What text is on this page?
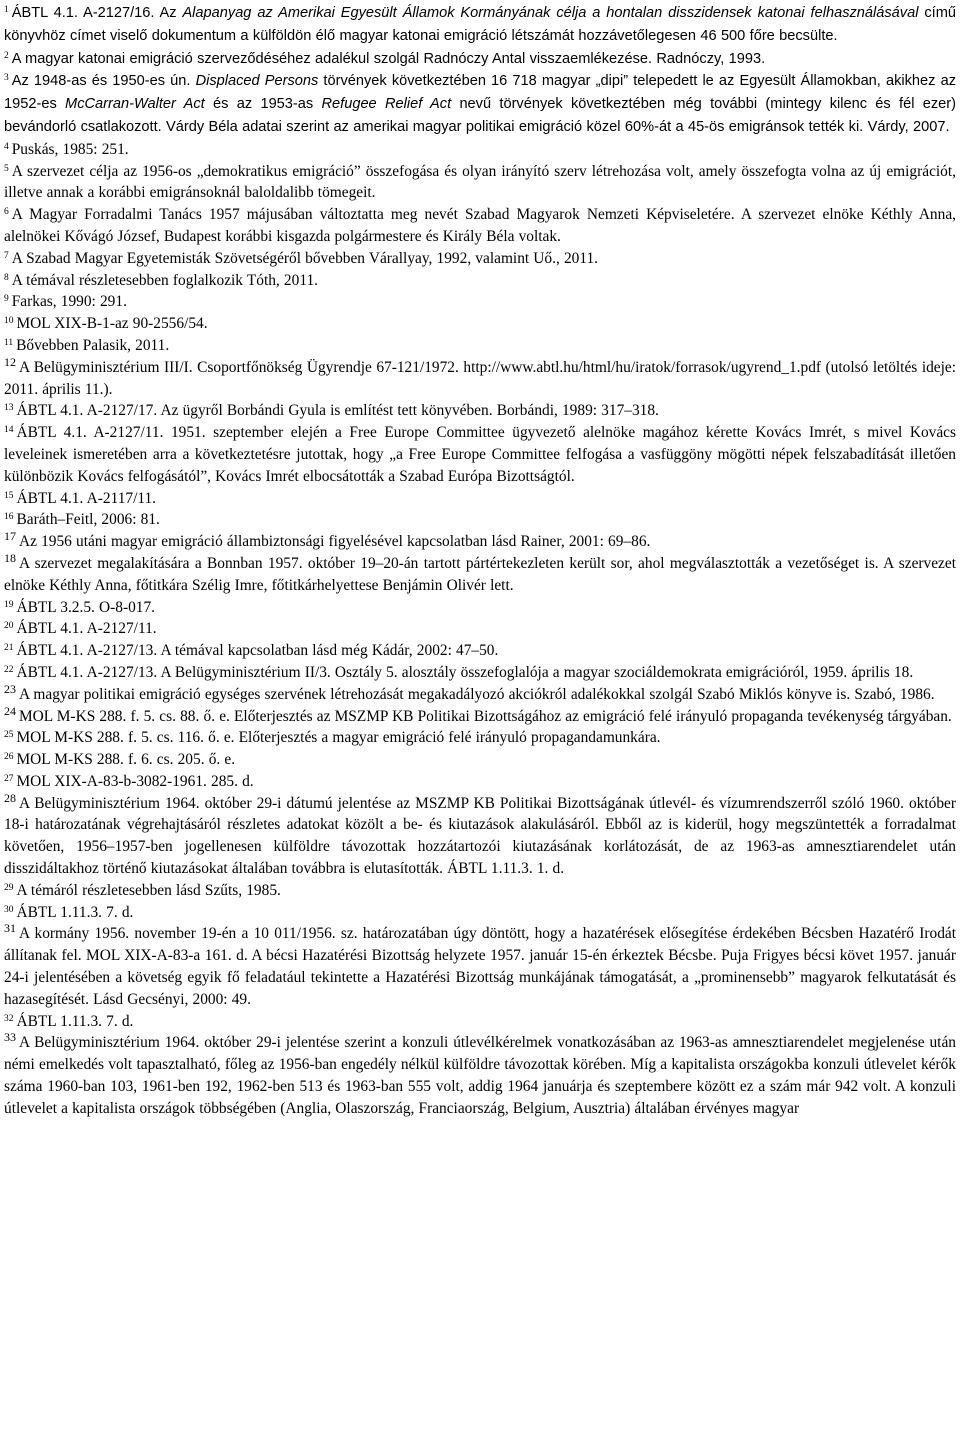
$^1$ ÁBTL 4.1. A-2127/16. Az Alapanyag az Amerikai Egyesült Államok Kormányának célja a hontalan disszidensek katonai felhasználásával című könyvhöz címet viselő dokumentum a külföldön élő magyar katonai emigráció létszámát hozzávetőlegesen 46 500 főre becsülte.

$^2$ A magyar katonai emigráció szerveződéséhez adalékul szolgál Radnóczy Antal visszaemlékezése. Radnóczy, 1993.

$^3$ Az 1948-as és 1950-es ún. Displaced Persons törvények következtében 16 718 magyar „dipi” telepedett le az Egyesült Államokban, akikhez az 1952-es McCarran-Walter Act és az 1953-as Refugee Relief Act nevű törvények következtében még további (mintegy kilenc és fél ezer) bevándorló csatlakozott. Várdy Béla adatai szerint az amerikai magyar politikai emigráció közel 60%-át a 45-ös emigránsok tették ki. Várdy, 2007.

$^4$ Puskás, 1985: 251.

$^5$ A szervezet célja az 1956-os „demokratikus emigráció” összefogása és olyan irányító szerv létrehozása volt, amely összefogta volna az új emigrációt, illetve annak a korábbi emigránsoknál baloldalibb tömegeit.

$^6$ A Magyar Forradalmi Tanács 1957 májusában változtatta meg nevét Szabad Magyarok Nemzeti Képviseletére. A szervezet elnöke Kéthly Anna, alelnökei Kővágó József, Budapest korábbi kisgazda polgármestere és Király Béla voltak.

$^7$ A Szabad Magyar Egyetemisták Szövetségéről bővebben Várallyay, 1992, valamint Uő., 2011.

$^8$ A témával részletesebben foglalkozik Tóth, 2011.

$^9$ Farkas, 1990: 291.

$^{10}$ MOL XIX-B-1-az 90-2556/54.

$^{11}$ Bővebben Palasik, 2011.

$^{12}$ A Belügyminisztérium III/I. Csoportfőnökség Ügyrendje 67-121/1972. http://www.abtl.hu/html/hu/iratok/forrasok/ugyrend_1.pdf (utolsó letöltés ideje: 2011. április 11.).

$^{13}$ ÁBTL 4.1. A-2127/17. Az ügyről Borbándi Gyula is említést tett könyvében. Borbándi, 1989: 317–318.

$^{14}$ ÁBTL 4.1. A-2127/11. 1951. szeptember elején a Free Europe Committee ügyvezető alelnöke magához kérette Kovács Imrét, s mivel Kovács leveleinek ismeretében arra a következtetésre jutottak, hogy „a Free Europe Committee felfogása a vasfüggöny mögötti népek felszabadítását illetően különbözik Kovács felfogásától”, Kovács Imrét elbocsátották a Szabad Európa Bizottságtól.

$^{15}$ ÁBTL 4.1. A-2117/11.

$^{16}$ Baráth–Feitl, 2006: 81.

$^{17}$ Az 1956 utáni magyar emigráció állambiztonsági figyelésével kapcsolatban lásd Rainer, 2001: 69–86.

$^{18}$ A szervezet megalakítására a Bonnban 1957. október 19–20-án tartott pártértekezleten került sor, ahol megválasztották a vezetőséget is. A szervezet elnöke Kéthly Anna, főtitkára Szélig Imre, főtitkárhelyettese Benjámin Olivér lett.

$^{19}$ ÁBTL 3.2.5. O-8-017.

$^{20}$ ÁBTL 4.1. A-2127/11.

$^{21}$ ÁBTL 4.1. A-2127/13. A témával kapcsolatban lásd még Kádár, 2002: 47–50.

$^{22}$ ÁBTL 4.1. A-2127/13. A Belügyminisztérium II/3. Osztály 5. alosztály összefoglalója a magyar szociáldemokrata emigrációról, 1959. április 18.

$^{23}$ A magyar politikai emigráció egységes szervének létrehozását megakadályozó akciókról adalékokkal szolgál Szabó Miklós könyve is. Szabó, 1986.

$^{24}$ MOL M-KS 288. f. 5. cs. 88. ő. e. Előterjesztés az MSZMP KB Politikai Bizottságához az emigráció felé irányuló propaganda tevékenység tárgyában.

$^{25}$ MOL M-KS 288. f. 5. cs. 116. ő. e. Előterjesztés a magyar emigráció felé irányuló propagandamunkára.

$^{26}$ MOL M-KS 288. f. 6. cs. 205. ő. e.

$^{27}$ MOL XIX-A-83-b-3082-1961. 285. d.

$^{28}$ A Belügyminisztérium 1964. október 29-i dátumú jelentése az MSZMP KB Politikai Bizottságának útlevél- és vízumrendszerről szóló 1960. október 18-i határozatának végrehajtásáról részletes adatokat közölt a be- és kiutazások alakulásáról. Ebből az is kiderül, hogy megszüntették a forradalmat követően, 1956–1957-ben jogellenesen külföldre távozottak hozzátartozói kiutazásának korlátozását, de az 1963-as amnesztiarendelet után disszidáltakhoz történő kiutazásokat általában továbbra is elutasították. ÁBTL 1.11.3. 1. d.

$^{29}$ A témáról részletesebben lásd Szűts, 1985.

$^{30}$ ÁBTL 1.11.3. 7. d.

$^{31}$ A kormány 1956. november 19-én a 10 011/1956. sz. határozatában úgy döntött, hogy a hazatérések elősegítése érdekében Bécsben Hazatérő Irodát állítanak fel. MOL XIX-A-83-a 161. d. A bécsi Hazatérési Bizottság helyzete 1957. január 15-én érkeztek Bécsbe. Puja Frigyes bécsi követ 1957. január 24-i jelentésében a követség egyik fő feladatául tekintette a Hazatérési Bizottság munkájának támogatását, a „prominensebb” magyarok felkutatását és hazasegítését. Lásd Gecsényi, 2000: 49.

$^{32}$ ÁBTL 1.11.3. 7. d.

$^{33}$ A Belügyminisztérium 1964. október 29-i jelentése szerint a konzuli útlevélkérelmek vonatkozásában az 1963-as amnesztiarendelet megjelenése után némi emelkedés volt tapasztalható, főleg az 1956-ban engedély nélkül külföldre távozottak körében. Míg a kapitalista országokba konzuli útlevelet kérők száma 1960-ban 103, 1961-ben 192, 1962-ben 513 és 1963-ban 555 volt, addig 1964 januárja és szeptembere között ez a szám már 942 volt. A konzuli útlevelet a kapitalista országok többségében (Anglia, Olaszország, Franciaország, Belgium, Ausztria) általában érvényes magyar
